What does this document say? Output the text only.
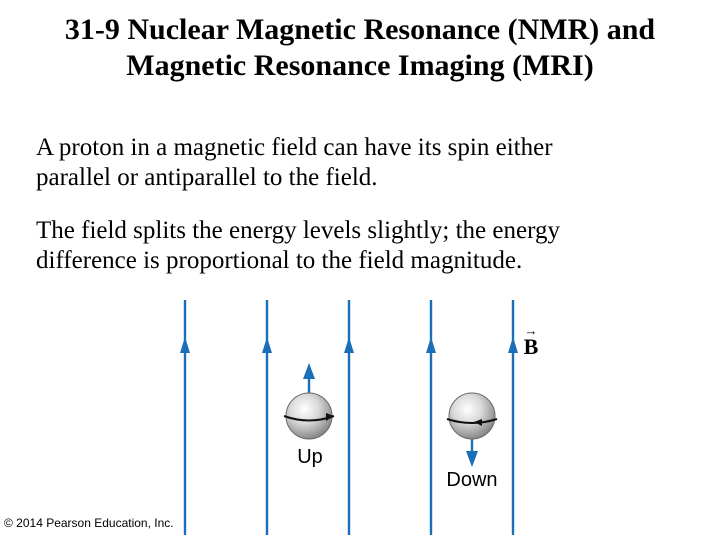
31-9 Nuclear Magnetic Resonance (NMR) and
Magnetic Resonance Imaging (MRI)
A proton in a magnetic field can have its spin either
parallel or antiparallel to the field.
The field splits the energy levels slightly; the energy
difference is proportional to the field magnitude.
→
B
Up
Down
© 2014 Pearson Education, Inc.
